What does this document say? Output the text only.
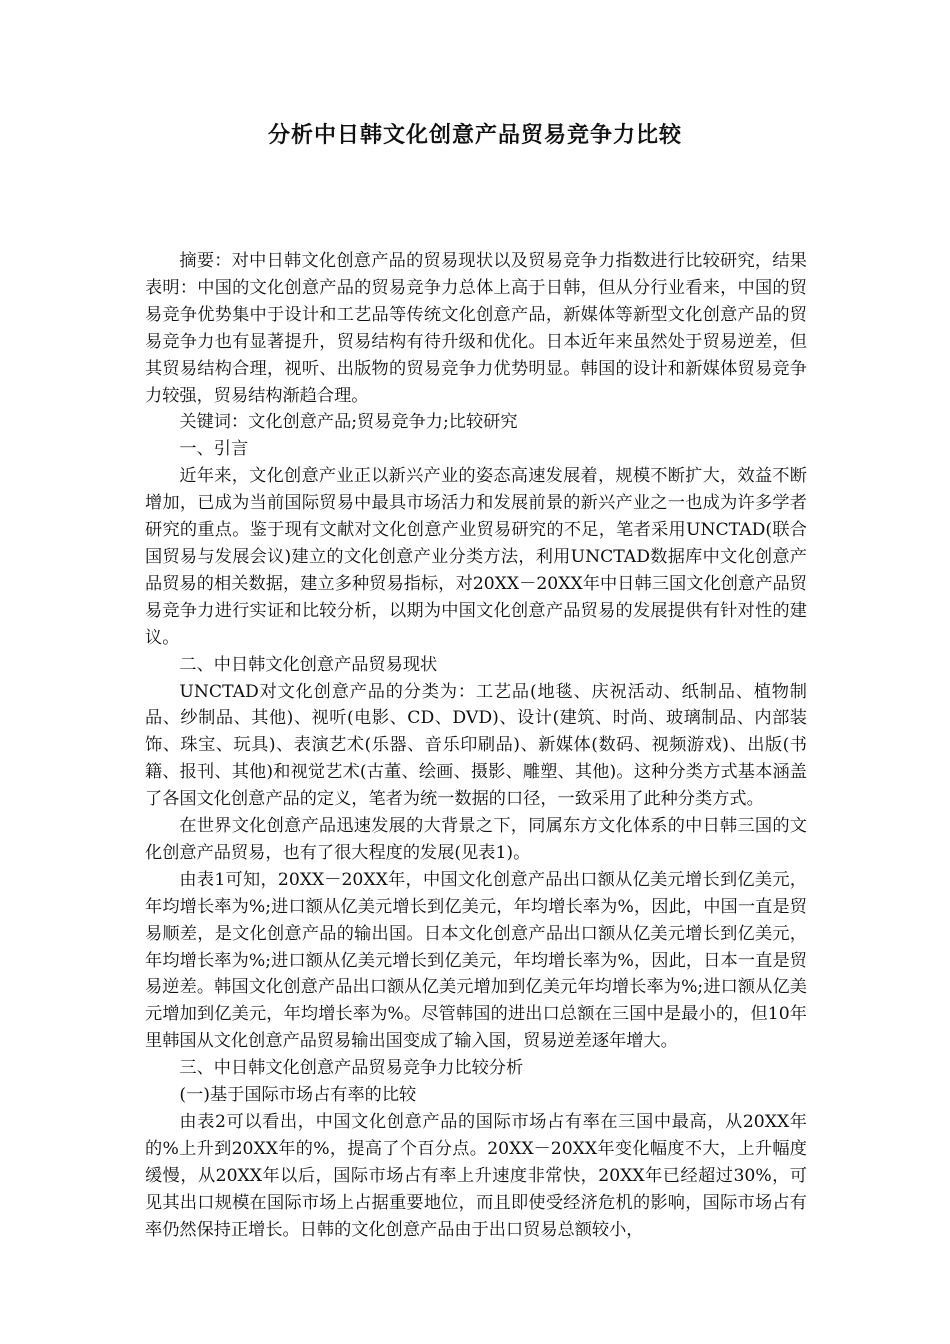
分析中日韩文化创意产品贸易竞争力比较

摘要：对中日韩文化创意产品的贸易现状以及贸易竞争力指数进行比较研究，结果表明：中国的文化创意产品的贸易竞争力总体上高于日韩，但从分行业看来，中国的贸易竞争优势集中于设计和工艺品等传统文化创意产品，新媒体等新型文化创意产品的贸易竞争力也有显著提升，贸易结构有待升级和优化。日本近年来虽然处于贸易逆差，但其贸易结构合理，视听、出版物的贸易竞争力优势明显。韩国的设计和新媒体贸易竞争力较强，贸易结构渐趋合理。

关键词：文化创意产品;贸易竞争力;比较研究

一、引言

近年来，文化创意产业正以新兴产业的姿态高速发展着，规模不断扩大，效益不断增加，已成为当前国际贸易中最具市场活力和发展前景的新兴产业之一也成为许多学者研究的重点。鉴于现有文献对文化创意产业贸易研究的不足，笔者采用UNCTAD(联合国贸易与发展会议)建立的文化创意产业分类方法，利用UNCTAD数据库中文化创意产品贸易的相关数据，建立多种贸易指标，对20XX－20XX年中日韩三国文化创意产品贸易竞争力进行实证和比较分析，以期为中国文化创意产品贸易的发展提供有针对性的建议。

二、中日韩文化创意产品贸易现状

UNCTAD对文化创意产品的分类为：工艺品(地毯、庆祝活动、纸制品、植物制品、纱制品、其他)、视听(电影、CD、DVD)、设计(建筑、时尚、玻璃制品、内部装饰、珠宝、玩具)、表演艺术(乐器、音乐印刷品)、新媒体(数码、视频游戏)、出版(书籍、报刊、其他)和视觉艺术(古董、绘画、摄影、雕塑、其他)。这种分类方式基本涵盖了各国文化创意产品的定义，笔者为统一数据的口径，一致采用了此种分类方式。

在世界文化创意产品迅速发展的大背景之下，同属东方文化体系的中日韩三国的文化创意产品贸易，也有了很大程度的发展(见表1)。

由表1可知，20XX－20XX年，中国文化创意产品出口额从亿美元增长到亿美元，年均增长率为%;进口额从亿美元增长到亿美元，年均增长率为%，因此，中国一直是贸易顺差，是文化创意产品的输出国。日本文化创意产品出口额从亿美元增长到亿美元，年均增长率为%;进口额从亿美元增长到亿美元，年均增长率为%，因此，日本一直是贸易逆差。韩国文化创意产品出口额从亿美元增加到亿美元年均增长率为%;进口额从亿美元增加到亿美元，年均增长率为%。尽管韩国的进出口总额在三国中是最小的，但10年里韩国从文化创意产品贸易输出国变成了输入国，贸易逆差逐年增大。

三、中日韩文化创意产品贸易竞争力比较分析

(一)基于国际市场占有率的比较

由表2可以看出，中国文化创意产品的国际市场占有率在三国中最高，从20XX年的%上升到20XX年的%，提高了个百分点。20XX－20XX年变化幅度不大，上升幅度缓慢，从20XX年以后，国际市场占有率上升速度非常快，20XX年已经超过30%，可见其出口规模在国际市场上占据重要地位，而且即使受经济危机的影响，国际市场占有率仍然保持正增长。日韩的文化创意产品由于出口贸易总额较小，
